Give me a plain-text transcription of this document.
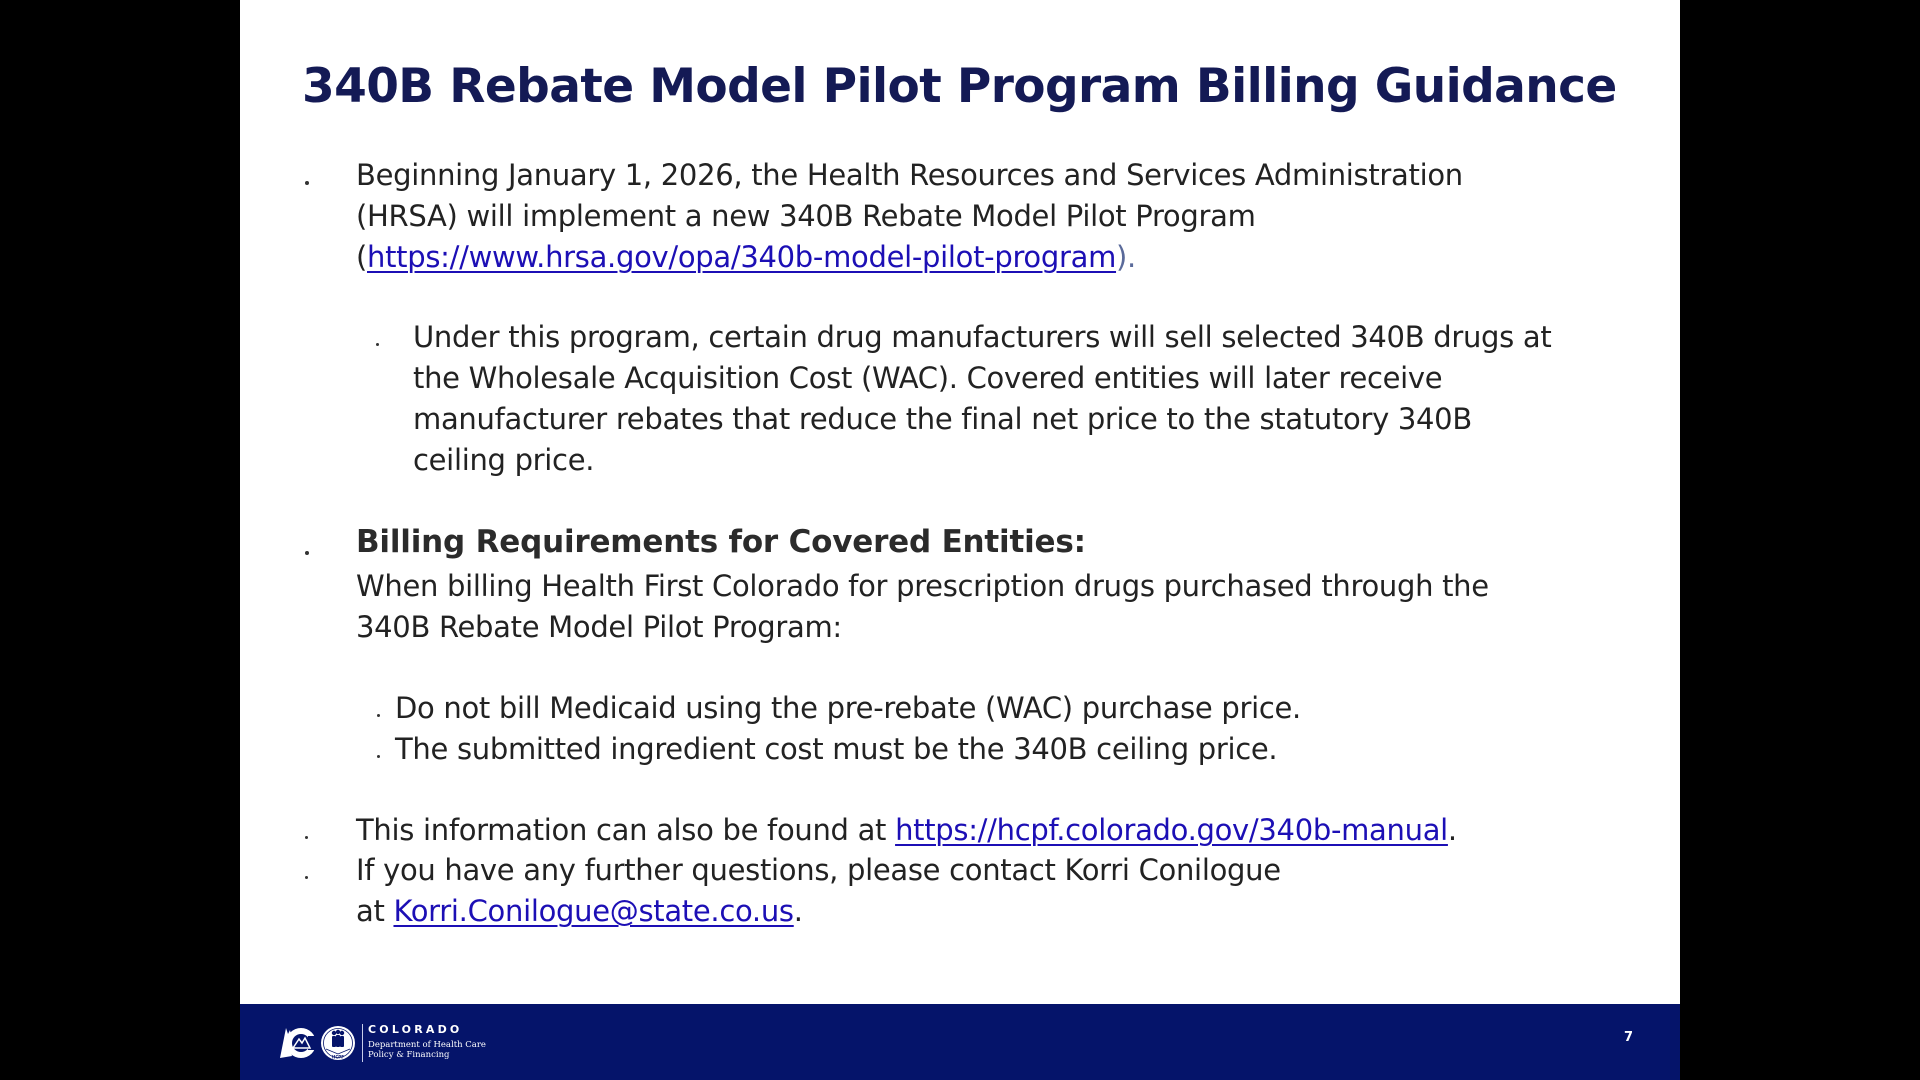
340B Rebate Model Pilot Program Billing Guidance
Beginning January 1, 2026, the Health Resources and Services Administration
(HRSA) will implement a new 340B Rebate Model Pilot Program
(https://www.hrsa.gov/opa/340b-model-pilot-program).
Under this program, certain drug manufacturers will sell selected 340B drugs at
the Wholesale Acquisition Cost (WAC). Covered entities will later receive
manufacturer rebates that reduce the final net price to the statutory 340B
ceiling price.
Billing Requirements for Covered Entities:
When billing Health First Colorado for prescription drugs purchased through the
340B Rebate Model Pilot Program:
Do not bill Medicaid using the pre-rebate (WAC) purchase price.
The submitted ingredient cost must be the 340B ceiling price.
This information can also be found at https://hcpf.colorado.gov/340b-manual.
If you have any further questions, please contact Korri Conilogue
at Korri.Conilogue@state.co.us.
HCPF
COLORADO
Department of Health Care
Policy & Financing
7
